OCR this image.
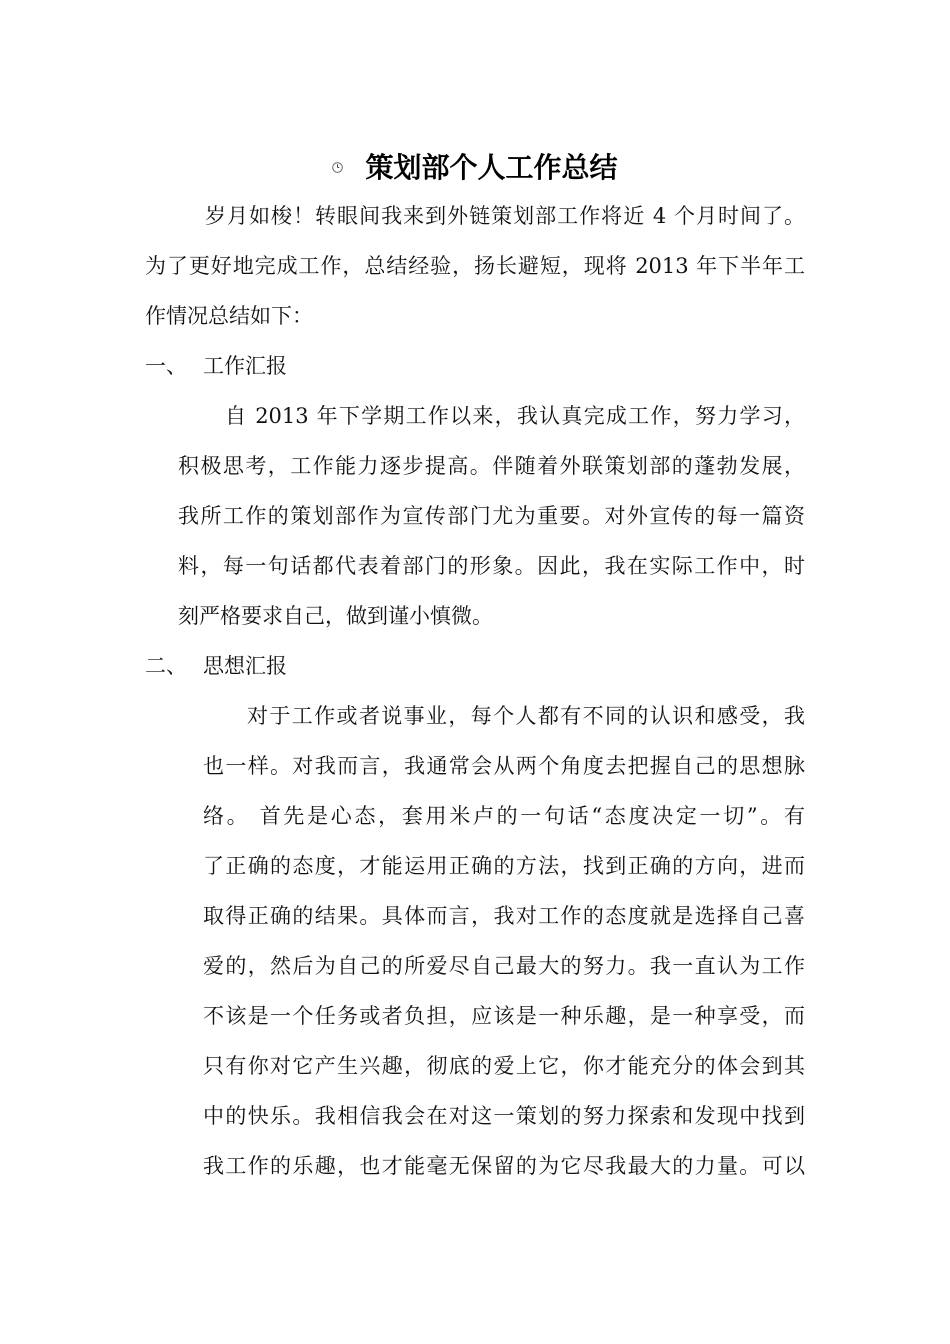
策划部个人工作总结
岁月如梭！转眼间我来到外链策划部工作将近 4 个月时间了。
为了更好地完成工作，总结经验，扬长避短，现将 2013 年下半年工
作情况总结如下：
一、 工作汇报
自 2013 年下学期工作以来，我认真完成工作，努力学习，
积极思考，工作能力逐步提高。伴随着外联策划部的蓬勃发展，
我所工作的策划部作为宣传部门尤为重要。对外宣传的每一篇资
料，每一句话都代表着部门的形象。因此，我在实际工作中，时
刻严格要求自己，做到谨小慎微。
二、 思想汇报
对于工作或者说事业，每个人都有不同的认识和感受，我
也一样。对我而言，我通常会从两个角度去把握自己的思想脉
络。 首先是心态，套用米卢的一句话“态度决定一切”。有
了正确的态度，才能运用正确的方法，找到正确的方向，进而
取得正确的结果。具体而言，我对工作的态度就是选择自己喜
爱的，然后为自己的所爱尽自己最大的努力。我一直认为工作
不该是一个任务或者负担，应该是一种乐趣，是一种享受，而
只有你对它产生兴趣，彻底的爱上它，你才能充分的体会到其
中的快乐。我相信我会在对这一策划的努力探索和发现中找到
我工作的乐趣，也才能毫无保留的为它尽我最大的力量。可以
